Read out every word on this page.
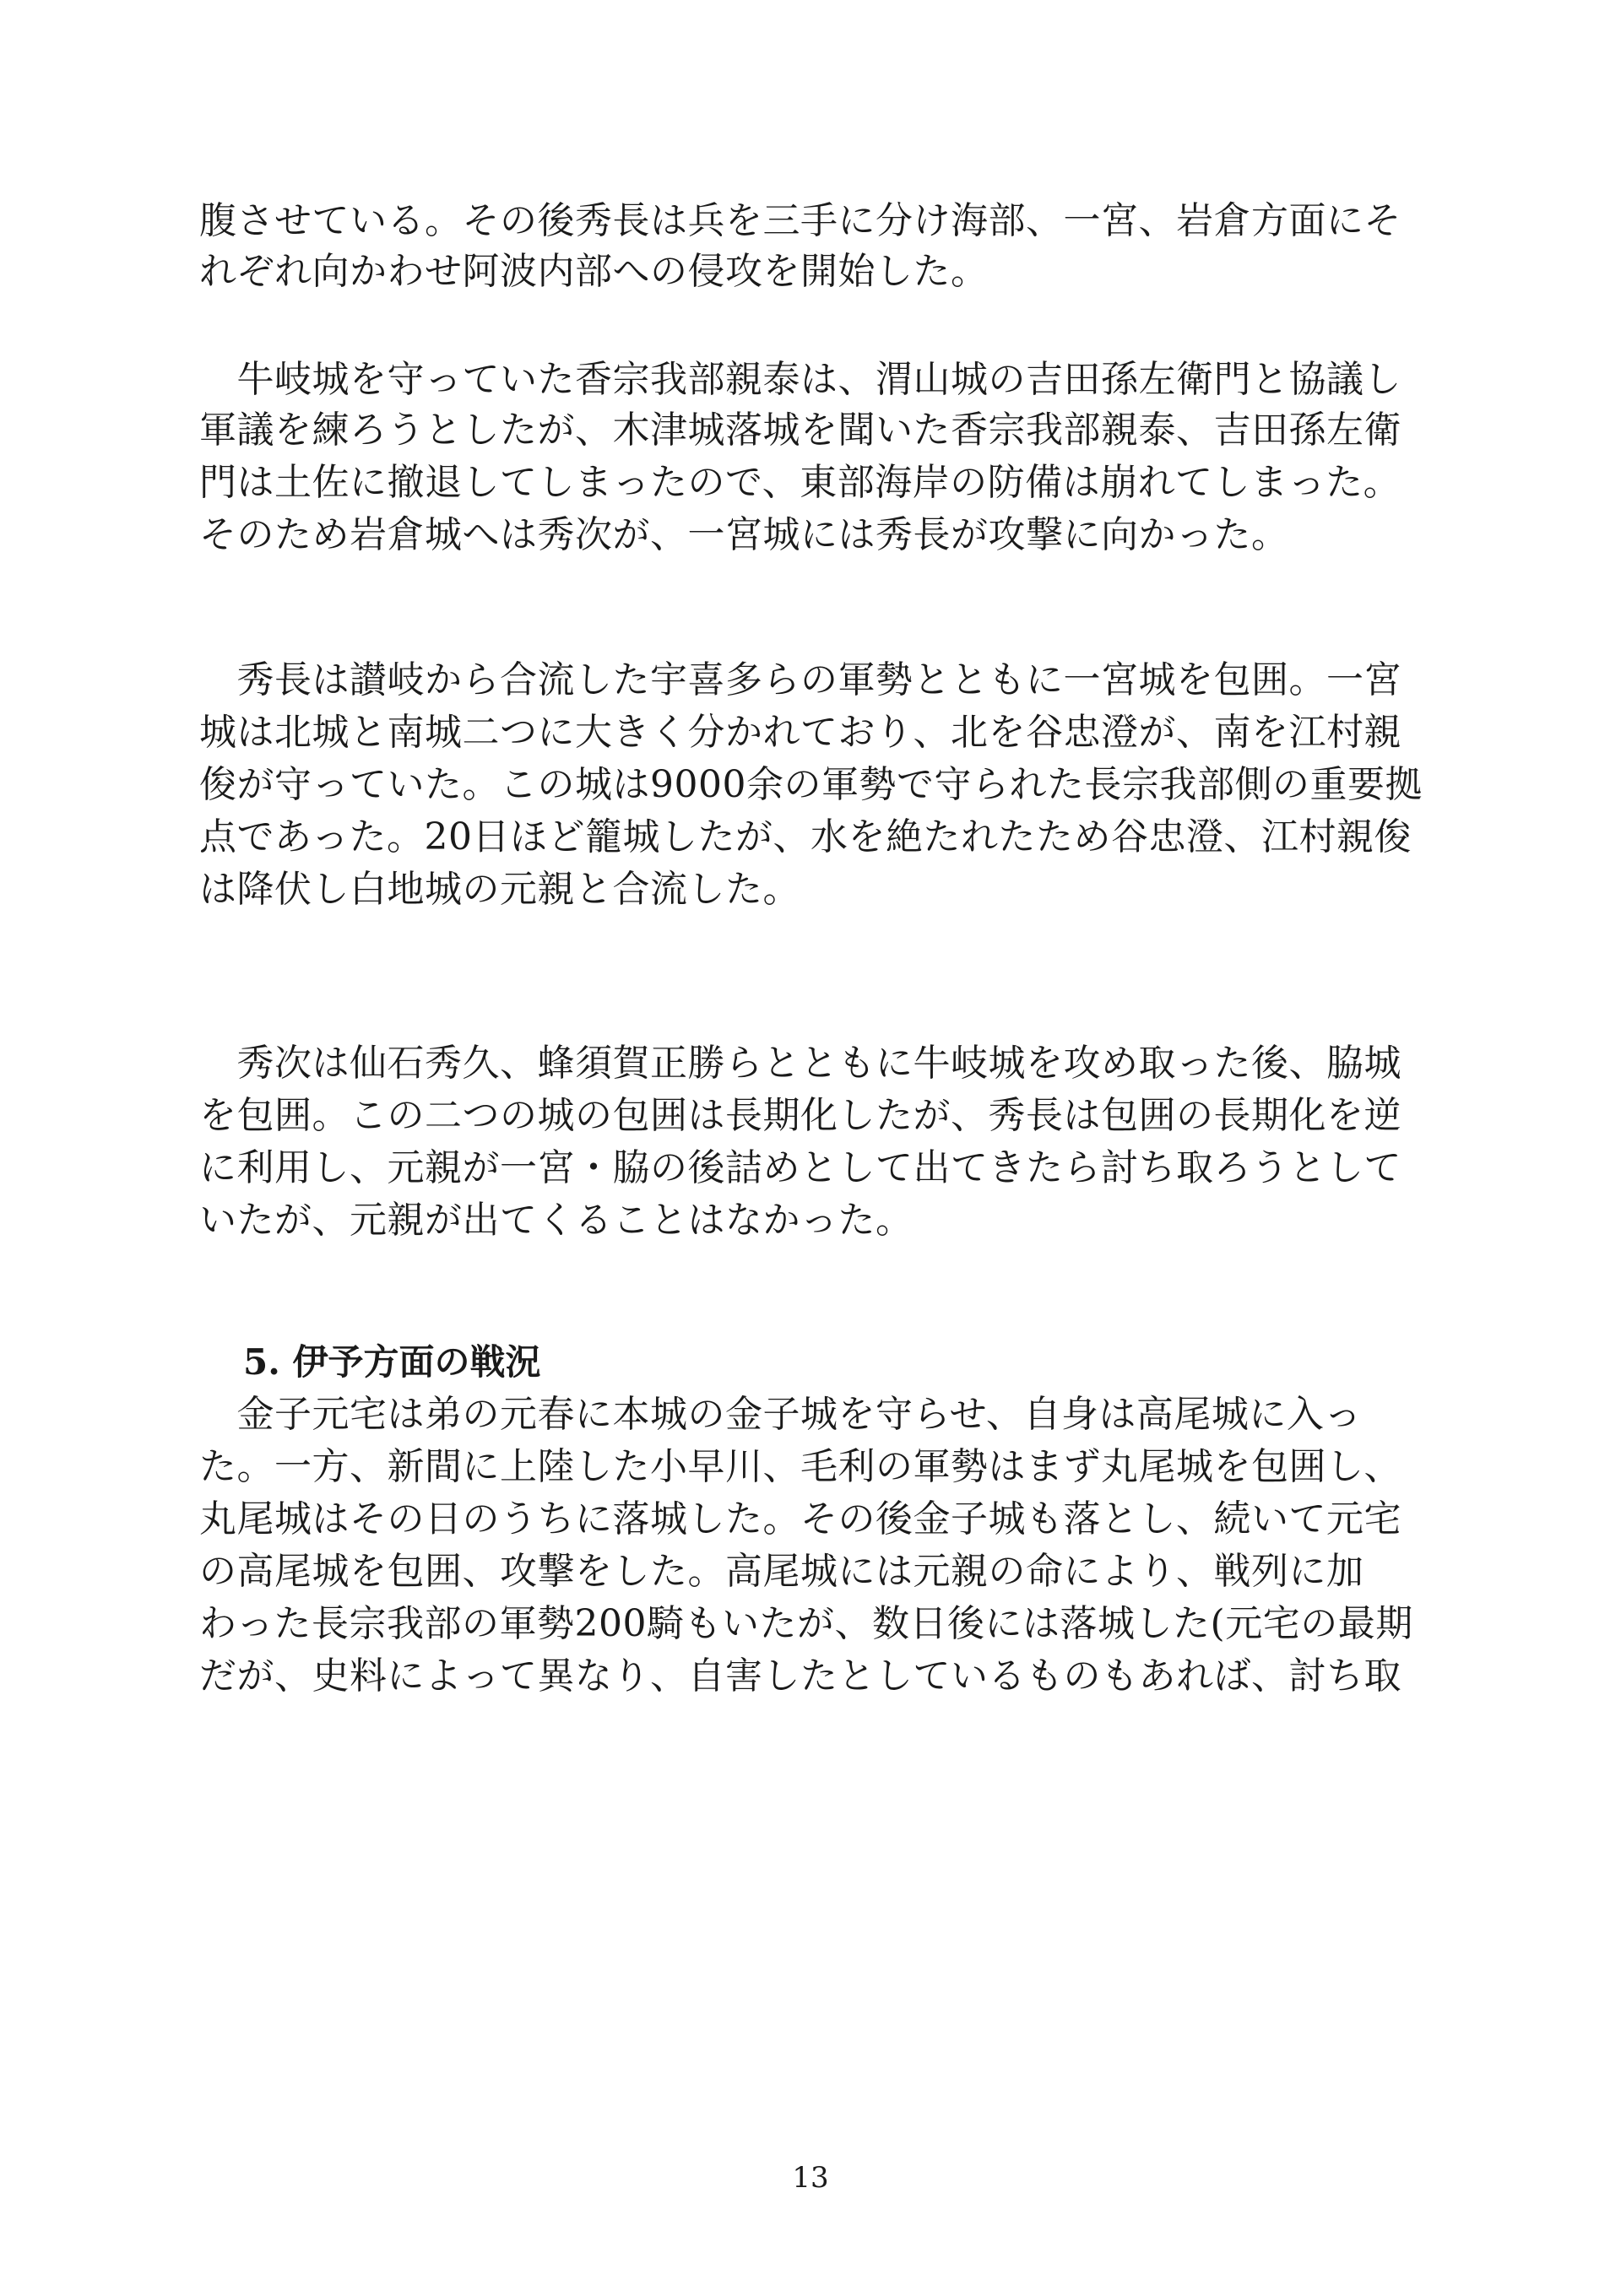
腹させている。その後秀長は兵を三手に分け海部、一宮、岩倉方面にそ
れぞれ向かわせ阿波内部への侵攻を開始した。
　牛岐城を守っていた香宗我部親泰は、渭山城の吉田孫左衛門と協議し
軍議を練ろうとしたが、木津城落城を聞いた香宗我部親泰、吉田孫左衛
門は土佐に撤退してしまったので、東部海岸の防備は崩れてしまった。
そのため岩倉城へは秀次が、一宮城には秀長が攻撃に向かった。
　秀長は讃岐から合流した宇喜多らの軍勢とともに一宮城を包囲。一宮
城は北城と南城二つに大きく分かれており、北を谷忠澄が、南を江村親
俊が守っていた。この城は9000余の軍勢で守られた長宗我部側の重要拠
点であった。20日ほど籠城したが、水を絶たれたため谷忠澄、江村親俊
は降伏し白地城の元親と合流した。
　秀次は仙石秀久、蜂須賀正勝らとともに牛岐城を攻め取った後、脇城
を包囲。この二つの城の包囲は長期化したが、秀長は包囲の長期化を逆
に利用し、元親が一宮・脇の後詰めとして出てきたら討ち取ろうとして
いたが、元親が出てくることはなかった。
5. 伊予方面の戦況
　金子元宅は弟の元春に本城の金子城を守らせ、自身は高尾城に入っ
た。一方、新間に上陸した小早川、毛利の軍勢はまず丸尾城を包囲し、
丸尾城はその日のうちに落城した。その後金子城も落とし、続いて元宅
の高尾城を包囲、攻撃をした。高尾城には元親の命により、戦列に加
わった長宗我部の軍勢200騎もいたが、数日後には落城した(元宅の最期
だが、史料によって異なり、自害したとしているものもあれば、討ち取
13
